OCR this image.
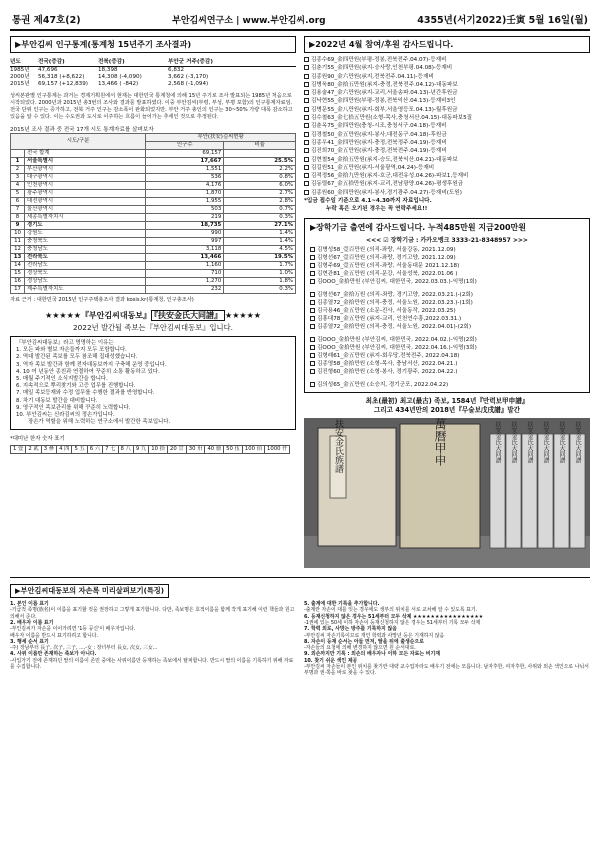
통권 제47호(2)	부안김씨연구소 | www.부안김씨.org	4355년(서기2022)壬寅 5월 16일(월)
▶부안김씨 인구통계(통계청 15년주기 조사결과)
년도	전국(증감)	전북(증감)	부안군 거주(증감)
1985년	47,696	18,398	6,832
2000년	56,318 (+8,622)	14,308 (-4,090)	3,662 (-3,170)
2015년	69,157 (+12,839)	13,466 ( -842)	2,568 (-1,094)
성씨본관별 인구통계는 과거는 경제기획원에서 현재는 대한민국 통계청에 의해 15년 주기로 조사 발표되는 1985년 처음으로 시작되었다. 2000년과 2015년 총3번의 조사와 결과를 발표하였다. 이중 부안김씨(부령, 부성, 부평 포함)의 인구통계자료임. 전국 단위 인구는 증가하고, 전북 거주 인구는 감소폭이 완화되었지만. 부안 거주 총인의 인구는 30~50% 가량 대폭 감소하고 있음을 알 수 있다. 이는 수도권과 도시로 이주하는 흐름이 늘어가는 추세인 것으로 추정된다.
2015년 조사 결과 중 전국 17개 시도 통계자료를 살펴보자
시도/구분		부안(扶安)김씨현황	
		인구수	비율
	전국 합계	69,157	
1	서울특별시	17,667	25.5%
2	부산광역시	1,551	2.2%
3	대구광역시	536	0.8%
4	인천광역시	4,176	6.0%
5	광주광역시	1,870	2.7%
6	대전광역시	1,955	2.8%
7	울산광역시	503	0.7%
8	세종특별자치시	219	0.3%
9	경기도	18,735	27.1%
10	강원도	990	1.4%
11	충청북도	997	1.4%
12	충청남도	3,118	4.5%
13	전라북도	13,466	19.5%
14	전라남도	1,160	1.7%
15	경상북도	710	1.0%
16	경상남도	1,270	1.8%
17	제주특별자치도	232	0.3%
자료 근거 : 대한민국 2015년 인구주택총조사 결과 kosis.kr(통계청, 인구총조사)
★★★★★『부안김씨대동보』 『扶安金氏大同譜』 ★★★★★
2022년 발간될 족보는『부안김씨대동보』입니다.
『부안김씨대동보』라고 명명하는 이유는
1. 모든 파와 별보 자손들까지 모두 포함합니다.
2. 역대 발간된 족보를 모두 참조해 집대성했습니다.
3. 역자 족보 발간과 함께 전자대동보까지 구축해 운영 중입니다.
4. 10 여 년동안 종친과 연결하여 꾸준히 소통 활동하고 있다.
5. 매월 주기적인 소식지발간을 합니다.
6. 지속적으로 뿌리찾기와 고증 업무를 진행합니다.
7. 매일 족보등재와 수정 업무를 수행한 결과를 반영합니다.
8. 차기 대동보 발간을 대비합니다.
9. 영구적인 족보관리를 위해 꾸준히 노력합니다.
10. 부안김씨는 신라김씨의 정손가입니다.
장손가 역할을 위해 노력하는 연구소에서 발간한 족보입니다.
*대미난 한자 숫자 표기
1 壹	2 貳	3 參	4 四	5 五	6 六	7 七	8 八	9 九	10 拾	20 廿	30 卅	40 卌	50 伍	100 佰	1000 仟
▶2022년 4월 참여/후원 감사드립니다.
김종수69_金四만원(부평-정봉,전북전주.04.07)-등재비
김춘기55_金四만원(承지-승사랑,인천부평.04.08)-등재비
김종원90_金六만원(承지,전북전주.04.11)-등재비
김병욱80_金拾五만원(承지-충정,전북전주.04.12)-대동파보
김용술47_金六만원(承지-교리,서울송파.04.13)-년간후원금
김낙현55_金四만원(부평-정봉,전북익산.04.13)-등재비3인
김병문55_金八만원(承지-회부,서울영등포.04.13)-월후원금
김수철63_金七拾五만원(소형-목사,충청서산.04.15)-대동파보5질
김춘옥75_金四만원(충청-시조,충청서구.04.18)-등재비
김경철50_金五만원(承지-봉사,대전동구.04.18)-후원금
김종우41_金四만원(承지-충정,전북정주.04.19)-등재비
김진희70_金五만원(承지-충정,전북전주.04.19)-등재비
김현철54_金拾五만원(承지-승도,전북익산.04.21)-대동파보
김길원51_金五만원(承지-서울광역,04.24)-등재비
김적정56_金拾九만원(承지-호군,대전유성.04.26)-파보1,등재비
김동렬67_金五拾만원(承지-교리,전남광양.04.26)-평생후원금
김종원60_金四만원(承지-봉사,경기광주.04.27)-등재비(도원)
*입금 접수일 기준으로 4.1~4.30까지 자료입니다.
누락 혹은 오기된 경우는 꼭 연락주세요!!
▶장학기금 출연에 감사드립니다. 누적485만원 지금200만원
<<< ☑ 장학기금 : 카카오뱅크 3333-21-8348957 >>>
김병성58_壹百만원 (의직-좌랑, 서울강동, 2021.12.09)
김형선67_壹百만원 (의직-좌랑, 경기고양, 2021.12.09)
김형주69_壹五만원 (의직-좌랑, 서울동대문 2021.12.18)
김현관81_金五만원 (의직-문강, 서울성북, 2022.01.06 )
김OOO_金拾만원 (부안김씨, 대한민국, 2022.03.03.)-익명(1회)
김형선67_金拾万원 (의직-좌랑, 경기고양, 2022.03.21.)-(2회)
김종열72_金拾만원 (의직-충정, 서울노원, 2022.03.23.)-(1회)
김극용46_金五만원 (소문-진사, 서울동작, 2022.03.25)
김흥대78_金五만원 (承지-교리, 인천연수흥,2022.03.31.)
김종열72_金拾만원 (의직-충정, 서울노원, 2022.04.01)-(2회)
김OOO_金拾만원 (부안김씨, 대한민국, 2022.04.02.)-익명(2회)
김OOO_金拾만원 (부안김씨, 대한민국, 2022.04.16.)-익명(3회)
김형래61_金五만원 (承지-회우당,전북전주, 2022.04.18)
김종영58_金拾만원 (소형-목사, 충남서산, 2022.04.21.)
김진형60_金拾만원 (소형-봉사, 경기광주, 2022.04.22.)
김의성65_金五만원 (소승지, 경기군포, 2022.04.22)
최초(最初) 최고(最古) 족보, 1584년『만력보甲申譜』
그리고 434년만의 2018년『무술보戊戌譜』발간
扶安金氏族譜	萬曆甲申	扶安金氏大同譜 扶安金氏大同譜 扶安金氏大同譜 扶安金氏大同譜 扶安金氏大同譜 扶安金氏大同譜
▶부안김씨대동보의 자손록 미리살펴보기(특징)
1. 본인 이름 표기
-기급적 족명(族名)이 이름을 표기할 것을 권장하고 그렇게 표기합니다. 다만, 족보명은 호적이름을 함께 작게 표기해 이런 책들과 원고 의해서 준다.
2. 배우자 이름 표기
-부인김씨가 자손을 이어가려면 '1등 공신'이 배우자입니다.
배우자 이름을 반드시 표기하려고 합니다.
3. 행세 순서 표기
-주) 장남부터 長子, 次子, 三子, ...,-女 : 장녀부터 長女, 次女, 三女...
4. 사위 이름만 존재하는 족보가 아니다.
-사입가기 전에 존재하던 딸의 이름이 존민 중에는 사위이름만 등재하는 족보에서 탈피합니다. 반드시 딸의 이름을 기록하기 위해 자료를 수집합니다.
5. 출계에 대한 기록을 추가합니다.
-출계란 자손이 대를 잇는 경우에도 생부의 위치를 서로 교차해 알 수 있도록 표기.
6. 등재신청하지 않은 경우는 51세부터 모두 삭제 ★★★★★★★★★★★★★★★★
-1권에 있는 50세 이하 자손이 등재신청하지 않은 경우는 51세부터 기록 모두 삭제
7. 학력 외로, 사망는 방주를 기록하지 않음
-부안김씨 자손기록이므로 개인 학력과 사망년 등은 기재하지 않음
8. 자손이 등재 순서는 아들 먼저, 딸을 뒤에 출생순으로
-자손들의 요청에 의해 변경하지 않으면 원 순서대로.
9. 외손까지만 기록 : 외손의 배우자나 이하 모든 자료는 비기재
10. 찾기 쉬운 색인 제공
-부안김씨 자손들이 본인 위치를 찾기란 대략 교수업자라도 배우기 전에는 모릅니다. 남자후한, 여자후한, 사위와 외손 색인으로 나눠서 부명과 권·쪽을 바로 찾을 수 있다.
